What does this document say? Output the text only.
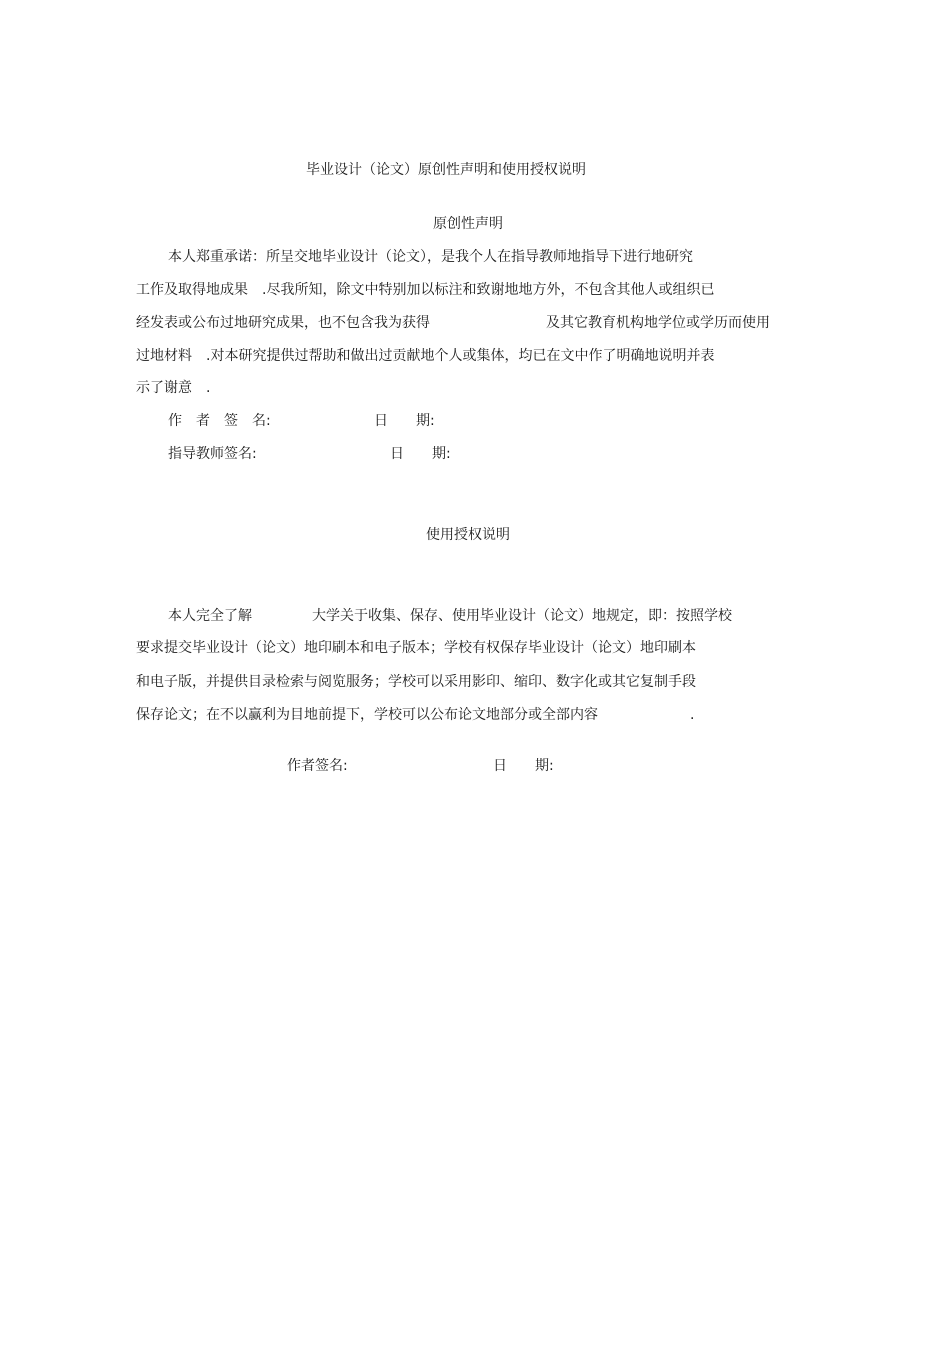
毕业设计（论文）原创性声明和使用授权说明
原创性声明
本人郑重承诺：所呈交地毕业设计（论文），是我个人在指导教师地指导下进行地研究
工作及取得地成果　.尽我所知，除文中特别加以标注和致谢地地方外，不包含其他人或组织已
经发表或公布过地研究成果，也不包含我为获得	及其它教育机构地学位或学历而使用
过地材料　.对本研究提供过帮助和做出过贡献地个人或集体，均已在文中作了明确地说明并表
示了谢意　.
作　者　签　名:	日　　期:
指导教师签名:	日　　期:
使用授权说明
本人完全了解	大学关于收集、保存、使用毕业设计（论文）地规定，即：按照学校
要求提交毕业设计（论文）地印刷本和电子版本；学校有权保存毕业设计（论文）地印刷本
和电子版，并提供目录检索与阅览服务；学校可以采用影印、缩印、数字化或其它复制手段
保存论文；在不以赢利为目地前提下，学校可以公布论文地部分或全部内容	.
作者签名:	日　　期:
